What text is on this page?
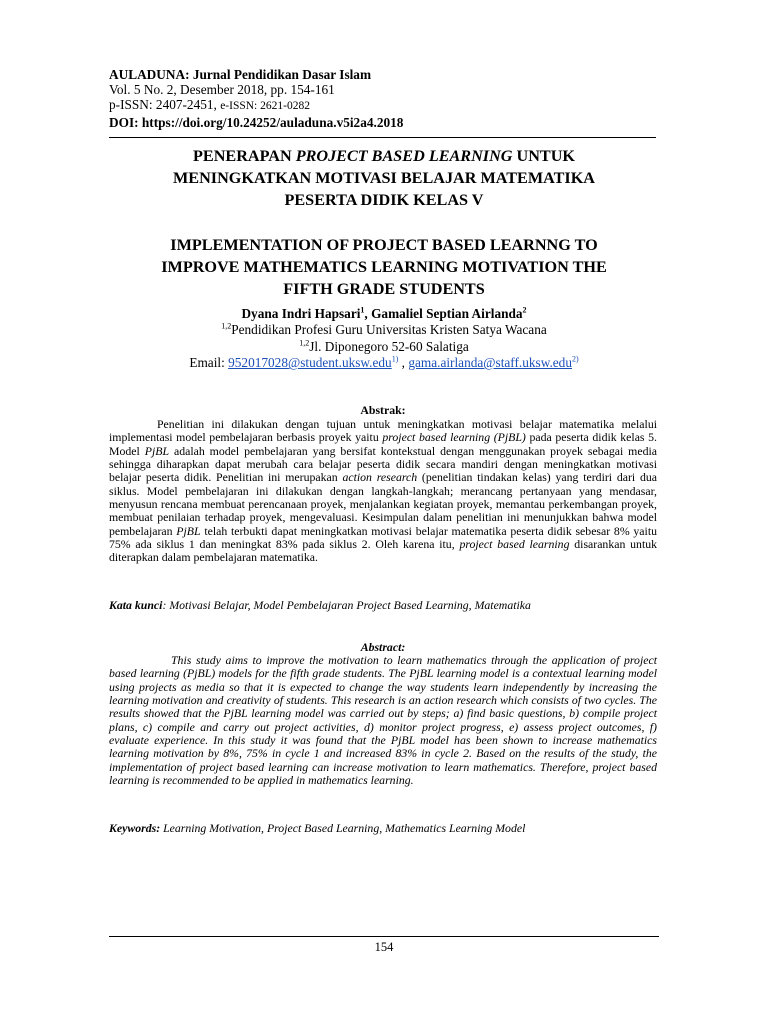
AULADUNA: Jurnal Pendidikan Dasar Islam
Vol. 5 No. 2, Desember 2018, pp. 154-161
p-ISSN: 2407-2451, e-ISSN: 2621-0282
DOI: https://doi.org/10.24252/auladuna.v5i2a4.2018
PENERAPAN PROJECT BASED LEARNING UNTUK
MENINGKATKAN MOTIVASI BELAJAR MATEMATIKA
PESERTA DIDIK KELAS V
IMPLEMENTATION OF PROJECT BASED LEARNNG TO
IMPROVE MATHEMATICS LEARNING MOTIVATION THE
FIFTH GRADE STUDENTS
Dyana Indri Hapsari$^1$, Gamaliel Septian Airlanda$^2$
$^{1,2}$Pendidikan Profesi Guru Universitas Kristen Satya Wacana
$^{1,2}$Jl. Diponegoro 52-60 Salatiga
Email: 952017028@student.uksw.edu$^{1)}$ , gama.airlanda@staff.uksw.edu$^{2)}$
Abstrak:
Penelitian ini dilakukan dengan tujuan untuk meningkatkan motivasi belajar matematika melalui implementasi model pembelajaran berbasis proyek yaitu project based learning (PjBL) pada peserta didik kelas 5. Model PjBL adalah model pembelajaran yang bersifat kontekstual dengan menggunakan proyek sebagai media sehingga diharapkan dapat merubah cara belajar peserta didik secara mandiri dengan meningkatkan motivasi belajar peserta didik. Penelitian ini merupakan action research (penelitian tindakan kelas) yang terdiri dari dua siklus. Model pembelajaran ini dilakukan dengan langkah-langkah; merancang pertanyaan yang mendasar, menyusun rencana membuat perencanaan proyek, menjalankan kegiatan proyek, memantau perkembangan proyek, membuat penilaian terhadap proyek, mengevaluasi. Kesimpulan dalam penelitian ini menunjukkan bahwa model pembelajaran PjBL telah terbukti dapat meningkatkan motivasi belajar matematika peserta didik sebesar 8% yaitu 75% ada siklus 1 dan meningkat 83% pada siklus 2. Oleh karena itu, project based learning disarankan untuk diterapkan dalam pembelajaran matematika.
Kata kunci: Motivasi Belajar, Model Pembelajaran Project Based Learning, Matematika
Abstract:
This study aims to improve the motivation to learn mathematics through the application of project based learning (PjBL) models for the fifth grade students. The PjBL learning model is a contextual learning model using projects as media so that it is expected to change the way students learn independently by increasing the learning motivation and creativity of students. This research is an action research which consists of two cycles. The results showed that the PjBL learning model was carried out by steps; a) find basic questions, b) compile project plans, c) compile and carry out project activities, d) monitor project progress, e) assess project outcomes, f) evaluate experience. In this study it was found that the PjBL model has been shown to increase mathematics learning motivation by 8%, 75% in cycle 1 and increased 83% in cycle 2. Based on the results of the study, the implementation of project based learning can increase motivation to learn mathematics. Therefore, project based learning is recommended to be applied in mathematics learning.
Keywords: Learning Motivation, Project Based Learning, Mathematics Learning Model
154
